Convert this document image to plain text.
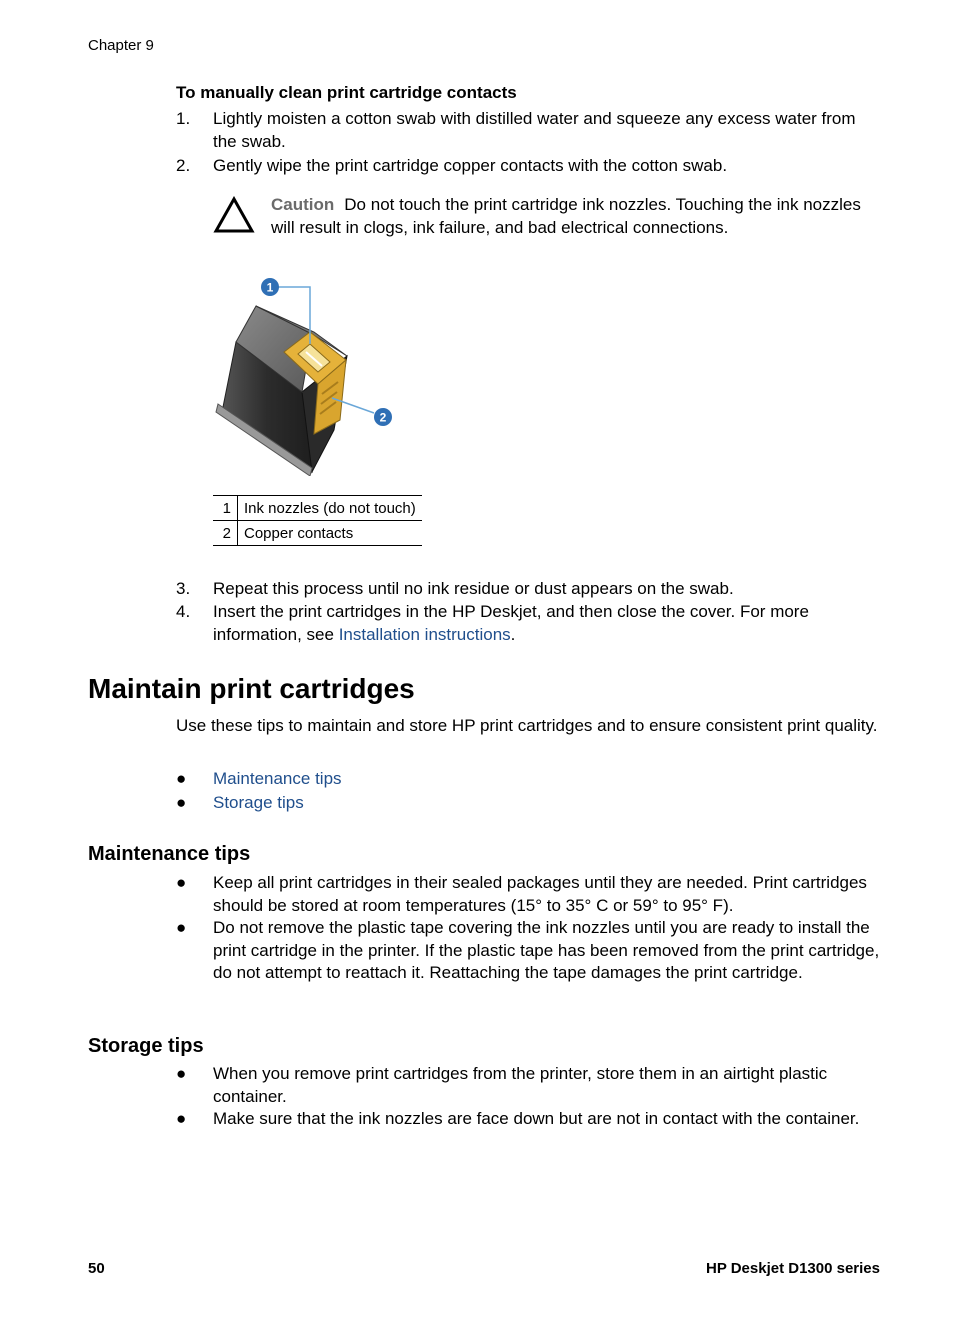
Chapter 9
To manually clean print cartridge contacts
1. Lightly moisten a cotton swab with distilled water and squeeze any excess water from the swab.
2. Gently wipe the print cartridge copper contacts with the cotton swab.
Caution Do not touch the print cartridge ink nozzles. Touching the ink nozzles will result in clogs, ink failure, and bad electrical connections.
1
2
1	Ink nozzles (do not touch)
2	Copper contacts
3. Repeat this process until no ink residue or dust appears on the swab.
4. Insert the print cartridges in the HP Deskjet, and then close the cover. For more information, see Installation instructions.
Maintain print cartridges
Use these tips to maintain and store HP print cartridges and to ensure consistent print quality.
● Maintenance tips
● Storage tips
Maintenance tips
● Keep all print cartridges in their sealed packages until they are needed. Print cartridges should be stored at room temperatures (15° to 35° C or 59° to 95° F).
● Do not remove the plastic tape covering the ink nozzles until you are ready to install the print cartridge in the printer. If the plastic tape has been removed from the print cartridge, do not attempt to reattach it. Reattaching the tape damages the print cartridge.
Storage tips
● When you remove print cartridges from the printer, store them in an airtight plastic container.
● Make sure that the ink nozzles are face down but are not in contact with the container.
50	HP Deskjet D1300 series
